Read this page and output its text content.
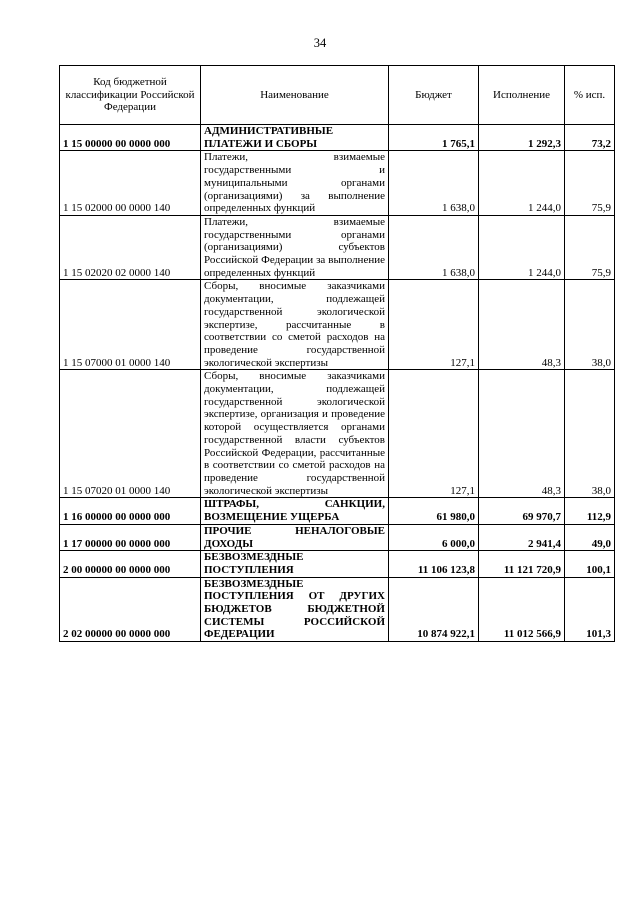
34
Код бюджетной классификации Российской Федерации	Наименование	Бюджет	Исполнение	% исп.
1 15 00000 00 0000 000	АДМИНИСТРАТИВНЫЕ ПЛАТЕЖИ И СБОРЫ	1 765,1	1 292,3	73,2
1 15 02000 00 0000 140	Платежи, взимаемые государственными и муниципальными органами (организациями) за выполнение определенных функций	1 638,0	1 244,0	75,9
1 15 02020 02 0000 140	Платежи, взимаемые государственными органами (организациями) субъектов Российской Федерации за выполнение определенных функций	1 638,0	1 244,0	75,9
1 15 07000 01 0000 140	Сборы, вносимые заказчиками документации, подлежащей государственной экологической экспертизе, рассчитанные в соответствии со сметой расходов на проведение государственной экологической экспертизы	127,1	48,3	38,0
1 15 07020 01 0000 140	Сборы, вносимые заказчиками документации, подлежащей государственной экологической экспертизе, организация и проведение которой осуществляется органами государственной власти субъектов Российской Федерации, рассчитанные в соответствии со сметой расходов на проведение государственной экологической экспертизы	127,1	48,3	38,0
1 16 00000 00 0000 000	ШТРАФЫ, САНКЦИИ, ВОЗМЕЩЕНИЕ УЩЕРБА	61 980,0	69 970,7	112,9
1 17 00000 00 0000 000	ПРОЧИЕ НЕНАЛОГОВЫЕ ДОХОДЫ	6 000,0	2 941,4	49,0
2 00 00000 00 0000 000	БЕЗВОЗМЕЗДНЫЕ ПОСТУПЛЕНИЯ	11 106 123,8	11 121 720,9	100,1
2 02 00000 00 0000 000	БЕЗВОЗМЕЗДНЫЕ ПОСТУПЛЕНИЯ ОТ ДРУГИХ БЮДЖЕТОВ БЮДЖЕТНОЙ СИСТЕМЫ РОССИЙСКОЙ ФЕДЕРАЦИИ	10 874 922,1	11 012 566,9	101,3
